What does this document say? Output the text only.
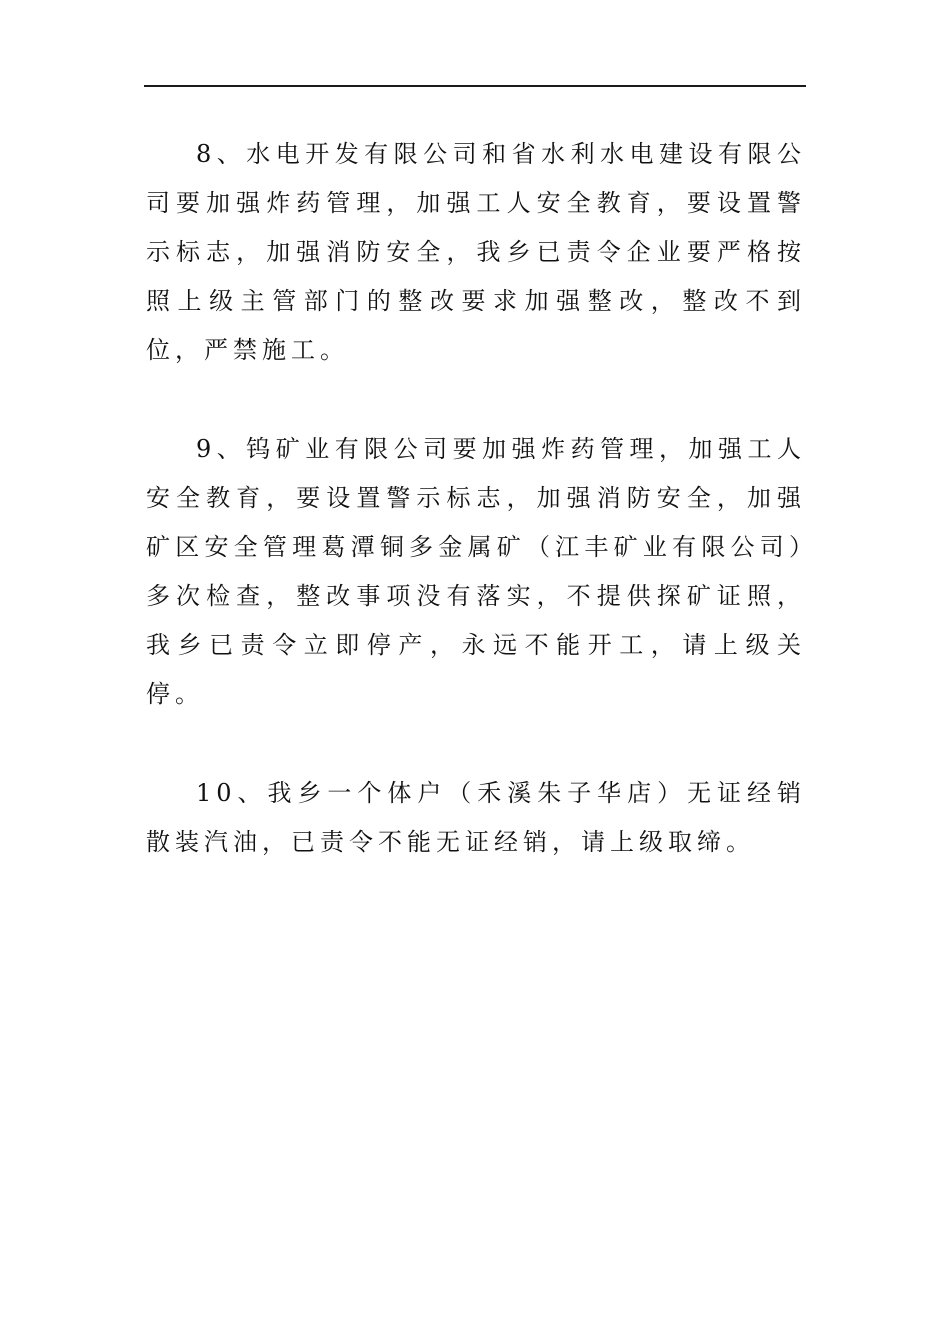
8、水电开发有限公司和省水利水电建设有限公司要加强炸药管理，加强工人安全教育，要设置警示标志，加强消防安全，我乡已责令企业要严格按照上级主管部门的整改要求加强整改，整改不到位，严禁施工。

9、钨矿业有限公司要加强炸药管理，加强工人安全教育，要设置警示标志，加强消防安全，加强矿区安全管理葛潭铜多金属矿（江丰矿业有限公司）多次检查，整改事项没有落实，不提供探矿证照，我乡已责令立即停产，永远不能开工，请上级关停。

10、我乡一个体户（禾溪朱子华店）无证经销散装汽油，已责令不能无证经销，请上级取缔。
